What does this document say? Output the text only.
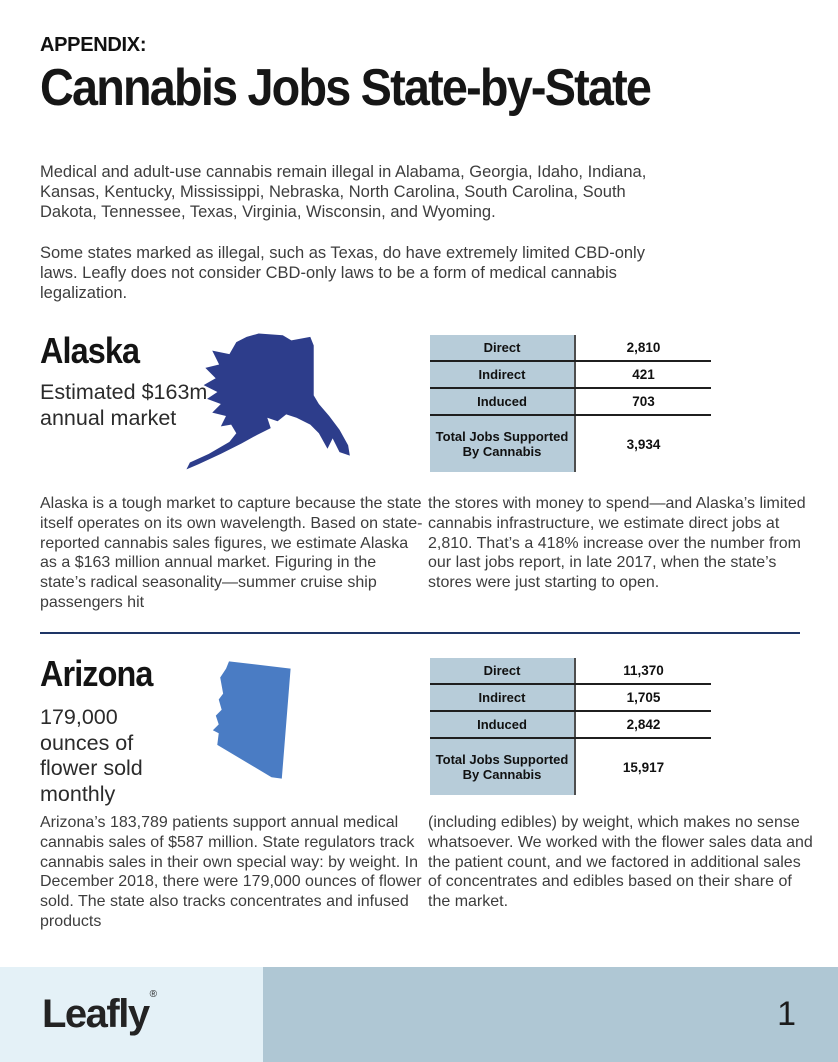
APPENDIX:
Cannabis Jobs State-by-State

Medical and adult-use cannabis remain illegal in Alabama, Georgia, Idaho, Indiana, Kansas, Kentucky, Mississippi, Nebraska, North Carolina, South Carolina, South Dakota, Tennessee, Texas, Virginia, Wisconsin, and Wyoming.

Some states marked as illegal, such as Texas, do have extremely limited CBD-only laws. Leafly does not consider CBD-only laws to be a form of medical cannabis legalization.

Alaska
Estimated $163m annual market
Direct	2,810
Indirect	421
Induced	703
Total Jobs Supported By Cannabis	3,934
Alaska is a tough market to capture because the state itself operates on its own wavelength. Based on state-reported cannabis sales figures, we estimate Alaska as a $163 million annual market. Figuring in the state’s radical seasonality—summer cruise ship passengers hit
the stores with money to spend—and Alaska’s limited cannabis infrastructure, we estimate direct jobs at 2,810. That’s a 418% increase over the number from our last jobs report, in late 2017, when the state’s stores were just starting to open.
Arizona
179,000 ounces of flower sold monthly
Direct	11,370
Indirect	1,705
Induced	2,842
Total Jobs Supported By Cannabis	15,917
Arizona’s 183,789 patients support annual medical cannabis sales of $587 million. State regulators track cannabis sales in their own special way: by weight. In December 2018, there were 179,000 ounces of flower sold. The state also tracks concentrates and infused products
(including edibles) by weight, which makes no sense whatsoever. We worked with the flower sales data and the patient count, and we factored in additional sales of concentrates and edibles based on their share of the market.
Leafly®
1
